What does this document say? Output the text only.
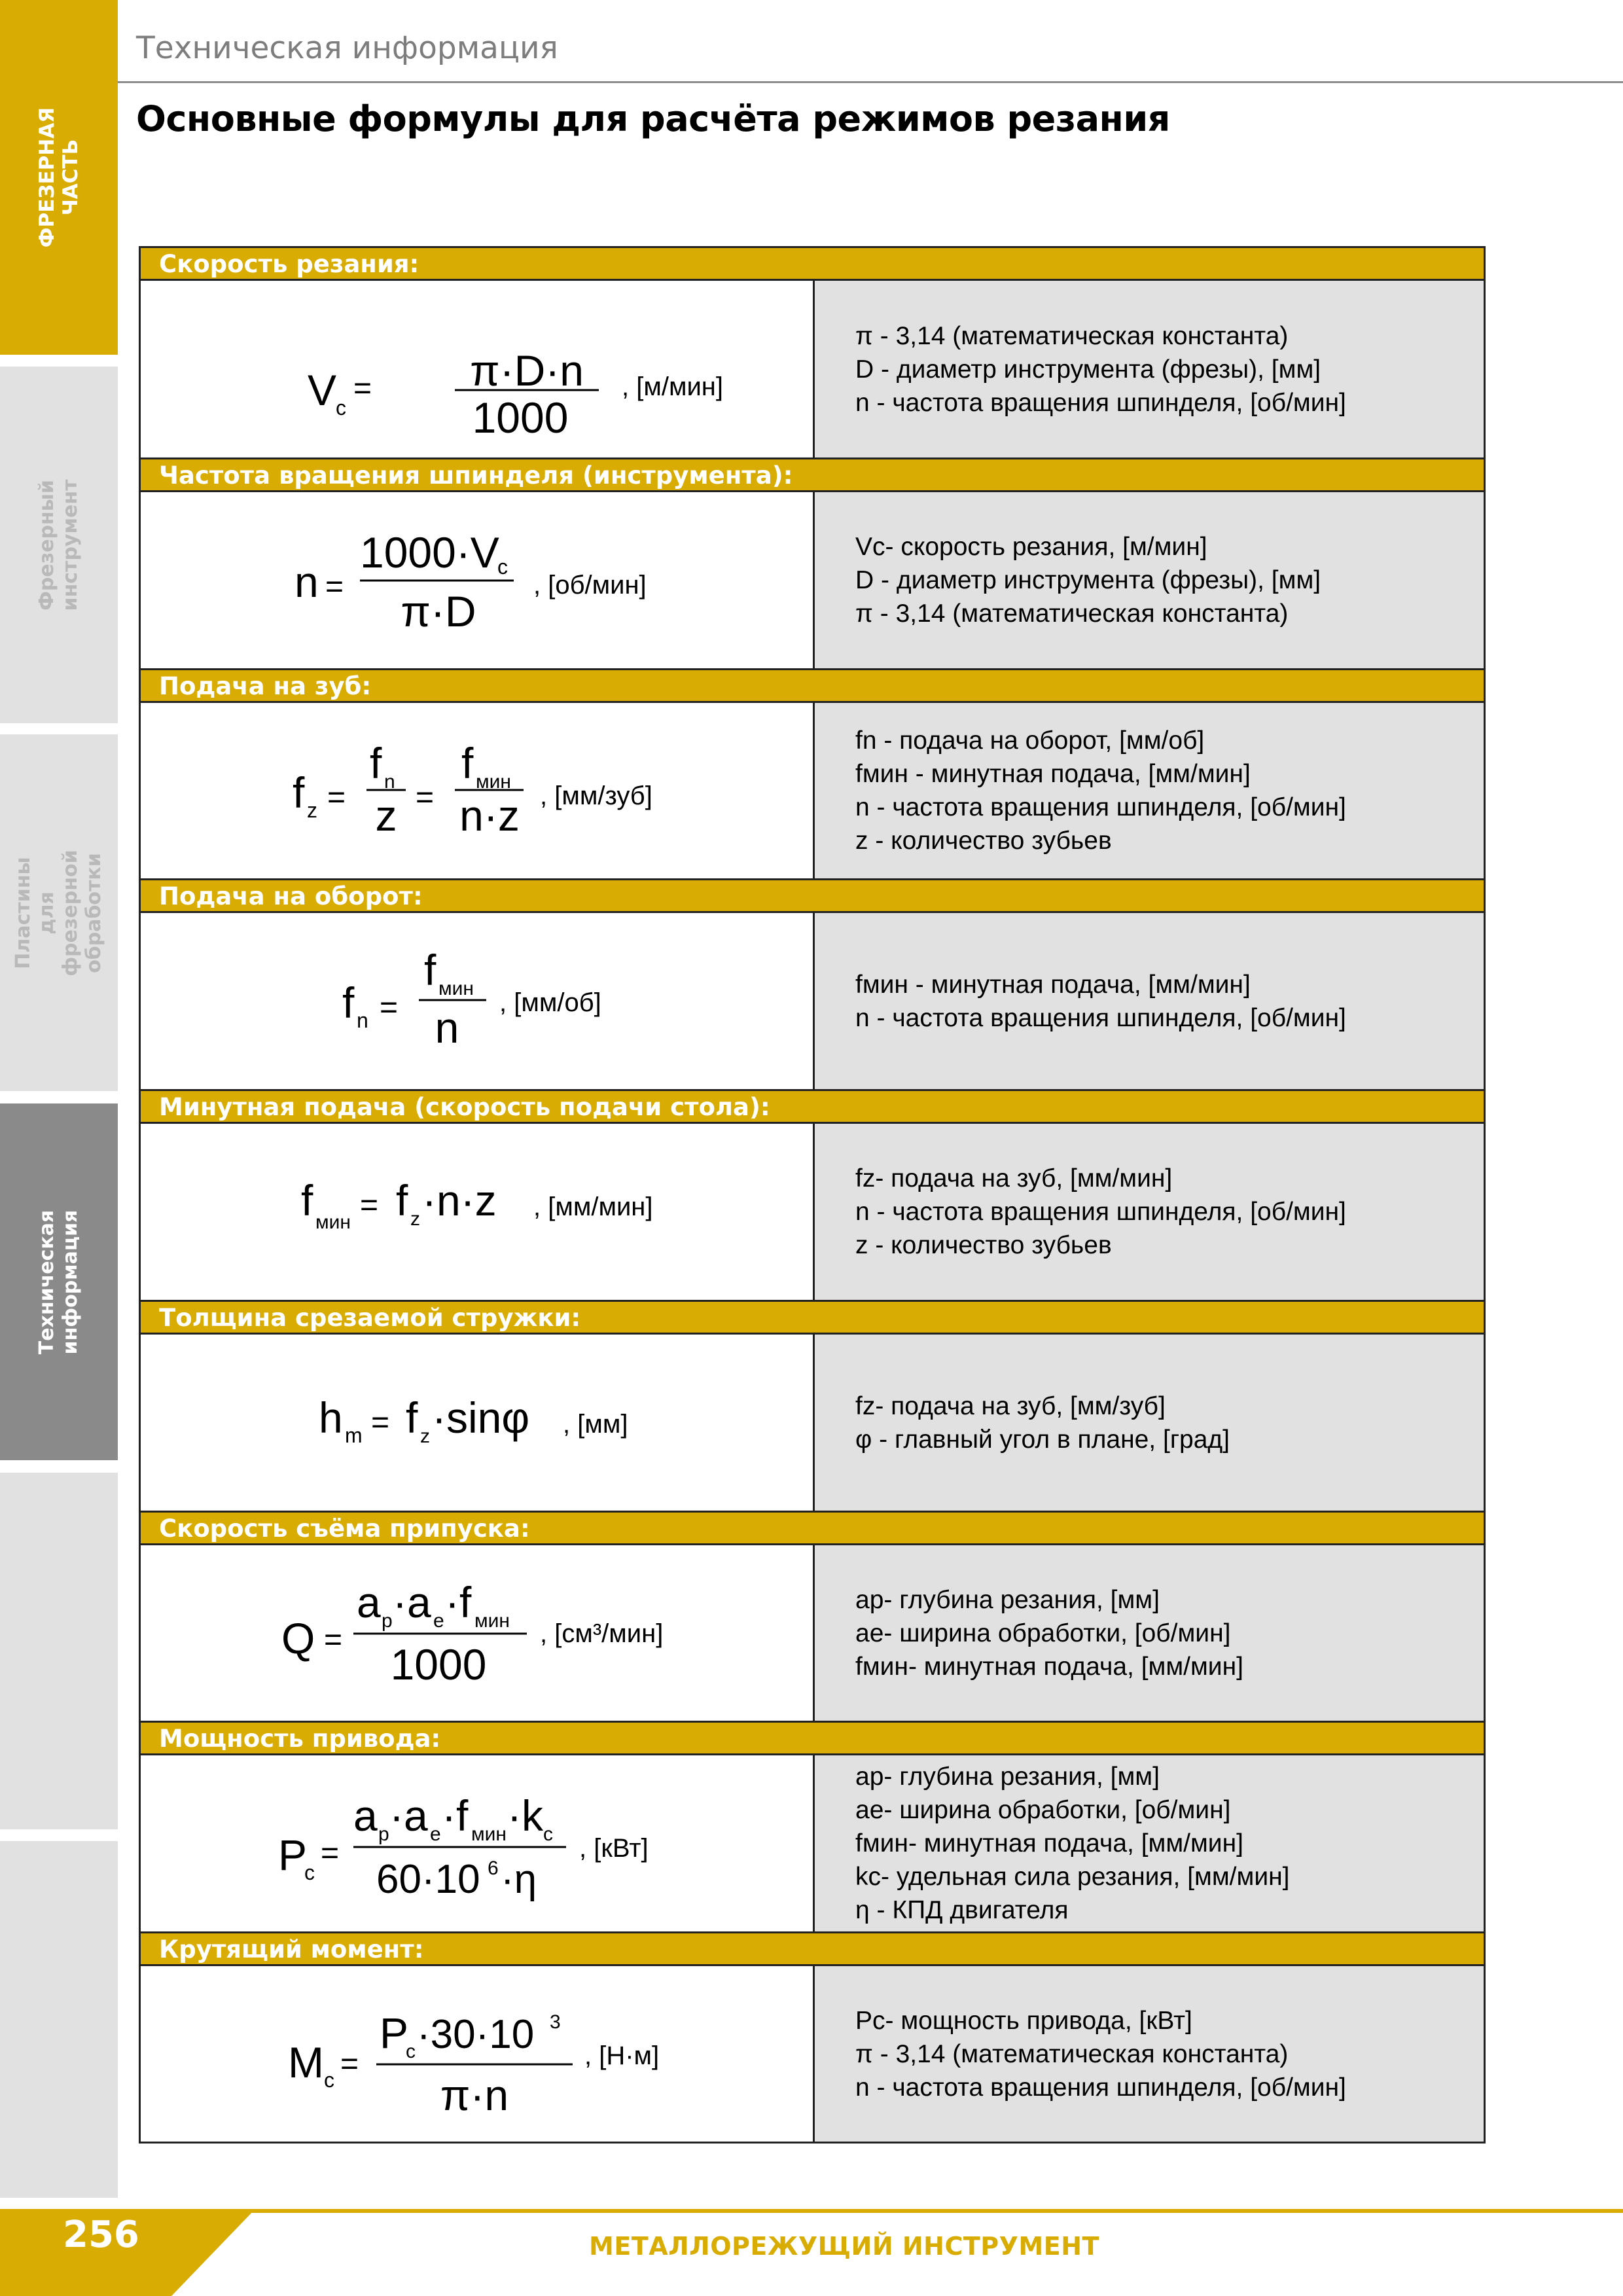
ФРЕЗЕРНАЯ
ЧАСТЬ
Фрезерный
инструмент
Пластины для
фрезерной обработки
Техническая
информация
Техническая информация
Основные формулы для расчёта режимов резания
Скорость резания:
V
c
= π·D·n
1000
, [м/мин]
π - 3,14 (математическая константа)
D - диаметр инструмента (фрезы), [мм]
n - частота вращения шпинделя, [об/мин]
Частота вращения шпинделя (инструмента):
n =
1000·V
c
π·D
, [об/мин]
Vc- скорость резания, [м/мин]
D - диаметр инструмента (фрезы), [мм]
π - 3,14 (математическая константа)
Подача на зуб:
f z =
f n
z =
f мин
n·z , [мм/зуб]
fn - подача на оборот, [мм/об]
fмин - минутная подача, [мм/мин]
n - частота вращения шпинделя, [об/мин]
z - количество зубьев
Подача на оборот:
f n =
f мин
n
, [мм/об]
fмин - минутная подача, [мм/мин]
n - частота вращения шпинделя, [об/мин]
Минутная подача (скорость подачи стола):
f мин = f z ·n·z , [мм/мин]
fz- подача на зуб, [мм/мин]
n - частота вращения шпинделя, [об/мин]
z - количество зубьев
Толщина срезаемой стружки:
h m = f z ·sinφ , [мм]
fz- подача на зуб, [мм/зуб]
φ - главный угол в плане, [град]
Скорость съёма припуска:
Q =
a p ·a e ·f мин
1000
, [см³/мин]
ap- глубина резания, [мм]
ae- ширина обработки, [об/мин]
fмин- минутная подача, [мм/мин]
Мощность привода:
P
c
=
a p ·a e ·f мин ·k c
60·10 6 ·η
, [кВт]
ap- глубина резания, [мм]
ae- ширина обработки, [об/мин]
fмин- минутная подача, [мм/мин]
kc- удельная сила резания, [мм/мин]
η - КПД двигателя
Крутящий момент:
M c =
P
c ·30·10 3
π·n
, [Н·м]
Pc- мощность привода, [кВт]
π - 3,14 (математическая константа)
n - частота вращения шпинделя, [об/мин]
256	МЕТАЛЛОРЕЖУЩИЙ ИНСТРУМЕНТ
